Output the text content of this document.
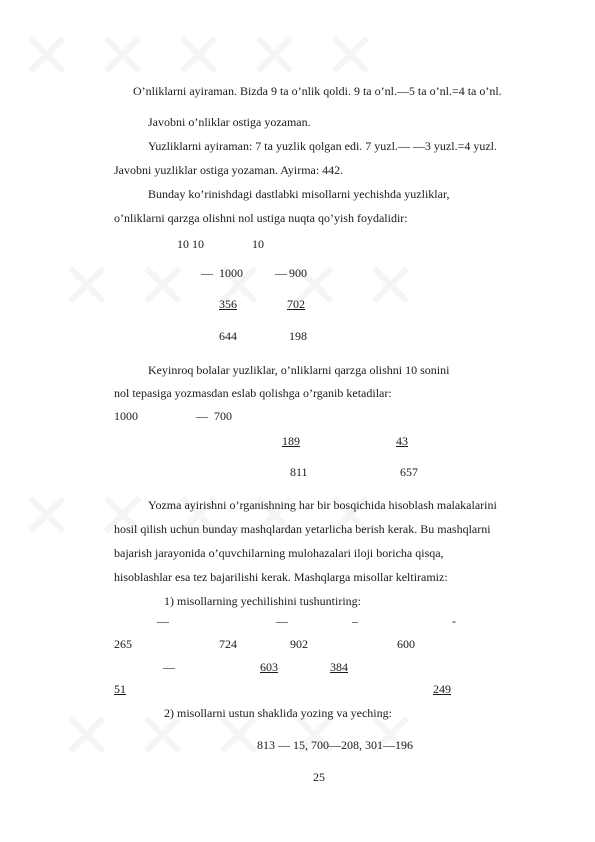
O’nliklarni ayiraman. Bizda 9 ta o’nlik qoldi. 9 ta o’nl.—5 ta o’nl.=4 ta o’nl.
Javobni o’nliklar ostiga yozaman.
Yuzliklarni ayiraman: 7 ta yuzlik qolgan edi. 7 yuzl.— —3 yuzl.=4 yuzl.
Javobni yuzliklar ostiga yozaman. Ayirma: 442.
Bunday ko’rinishdagi dastlabki misollarni yechishda yuzliklar,
o’nliklarni qarzga olishni nol ustiga nuqta qo’yish foydalidir:
10 10	10
— 1000	— 900
356	702
644	198
Keyinroq bolalar yuzliklar, o’nliklarni qarzga olishni 10 sonini
nol tepasiga yozmasdan eslab qolishga o’rganib ketadilar:
1000	— 700
189	43
811	657
Yozma ayirishni o’rganishning har bir bosqichida hisoblash malakalarini
hosil qilish uchun bunday mashqlardan yetarlicha berish kerak. Bu mashqlarni
bajarish jarayonida o’quvchilarning mulohazalari iloji boricha qisqa,
hisoblashlar esa tez bajarilishi kerak. Mashqlarga misollar keltiramiz:
1) misollarning yechilishini tushuntiring:
—	—	–	-
265	724	902	600
—	603	384
51	249
2) misollarni ustun shaklida yozing va yeching:
813 — 15, 700—208, 301—196
25
